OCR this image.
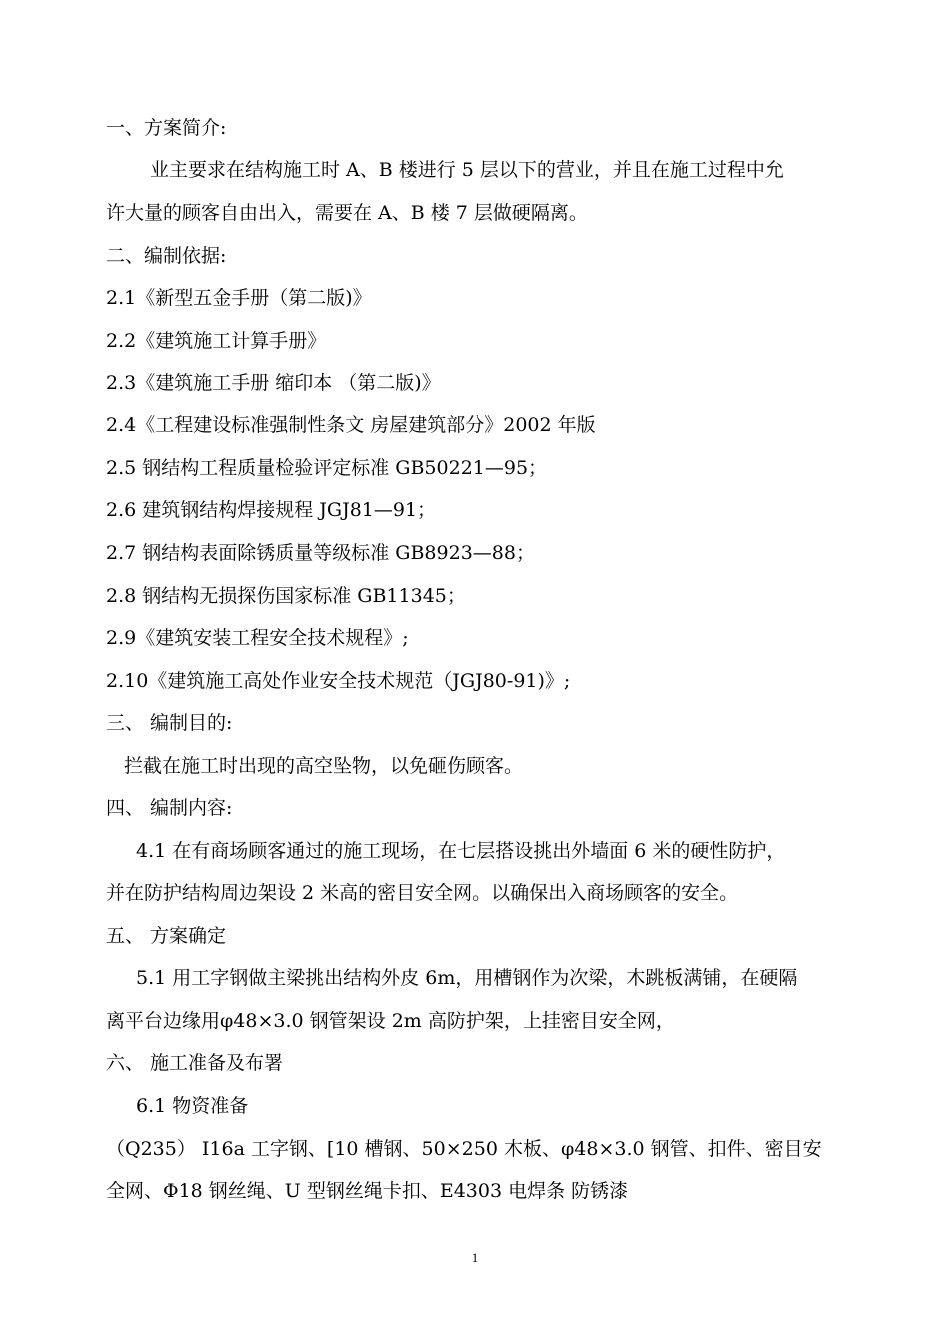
一、方案简介:
业主要求在结构施工时 A、B 楼进行 5 层以下的营业，并且在施工过程中允
许大量的顾客自由出入，需要在 A、B 楼 7 层做硬隔离。
二、编制依据:
2.1《新型五金手册（第二版)》
2.2《建筑施工计算手册》
2.3《建筑施工手册 缩印本 （第二版)》
2.4《工程建设标准强制性条文 房屋建筑部分》2002 年版
2.5 钢结构工程质量检验评定标准 GB50221—95；
2.6 建筑钢结构焊接规程 JGJ81—91；
2.7 钢结构表面除锈质量等级标准 GB8923—88；
2.8 钢结构无损探伤国家标准 GB11345；
2.9《建筑安装工程安全技术规程》;
2.10《建筑施工高处作业安全技术规范（JGJ80-91)》;
三、 编制目的:
拦截在施工时出现的高空坠物，以免砸伤顾客。
四、 编制内容:
4.1 在有商场顾客通过的施工现场，在七层搭设挑出外墙面 6 米的硬性防护，
并在防护结构周边架设 2 米高的密目安全网。以确保出入商场顾客的安全。
五、 方案确定
5.1 用工字钢做主梁挑出结构外皮 6m，用槽钢作为次梁，木跳板满铺，在硬隔
离平台边缘用φ48×3.0 钢管架设 2m 高防护架，上挂密目安全网，
六、 施工准备及布署
6.1 物资准备
（Q235） I16a 工字钢、[10 槽钢、50×250 木板、φ48×3.0 钢管、扣件、密目安
全网、Φ18 钢丝绳、U 型钢丝绳卡扣、E4303 电焊条 防锈漆
1
